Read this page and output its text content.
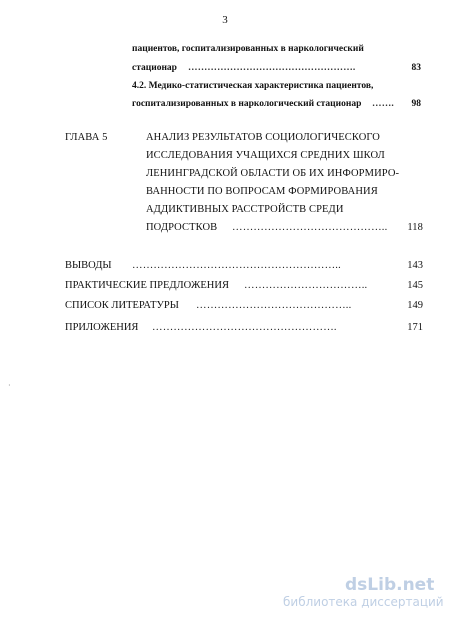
3
пациентов, госпитализированных в наркологический
стационар …………………………………………….	83
4.2. Медико-статистическая характеристика пациентов,
госпитализированных в наркологический стационар …….	98
ГЛАВА 5	АНАЛИЗ РЕЗУЛЬТАТОВ СОЦИОЛОГИЧЕСКОГО
ИССЛЕДОВАНИЯ УЧАЩИХСЯ СРЕДНИХ ШКОЛ
ЛЕНИНГРАДСКОЙ ОБЛАСТИ ОБ ИХ ИНФОРМИРО-
ВАННОСТИ ПО ВОПРОСАМ ФОРМИРОВАНИЯ
АДДИКТИВНЫХ РАССТРОЙСТВ СРЕДИ
ПОДРОСТКОВ ……………………………………..	118
ВЫВОДЫ …………………………………………………..	143
ПРАКТИЧЕСКИЕ ПРЕДЛОЖЕНИЯ ……………………………..	145
СПИСОК ЛИТЕРАТУРЫ ……………………………………..	149
ПРИЛОЖЕНИЯ …………………………………………….	171
·
dsLib.net
библиотека диссертаций
